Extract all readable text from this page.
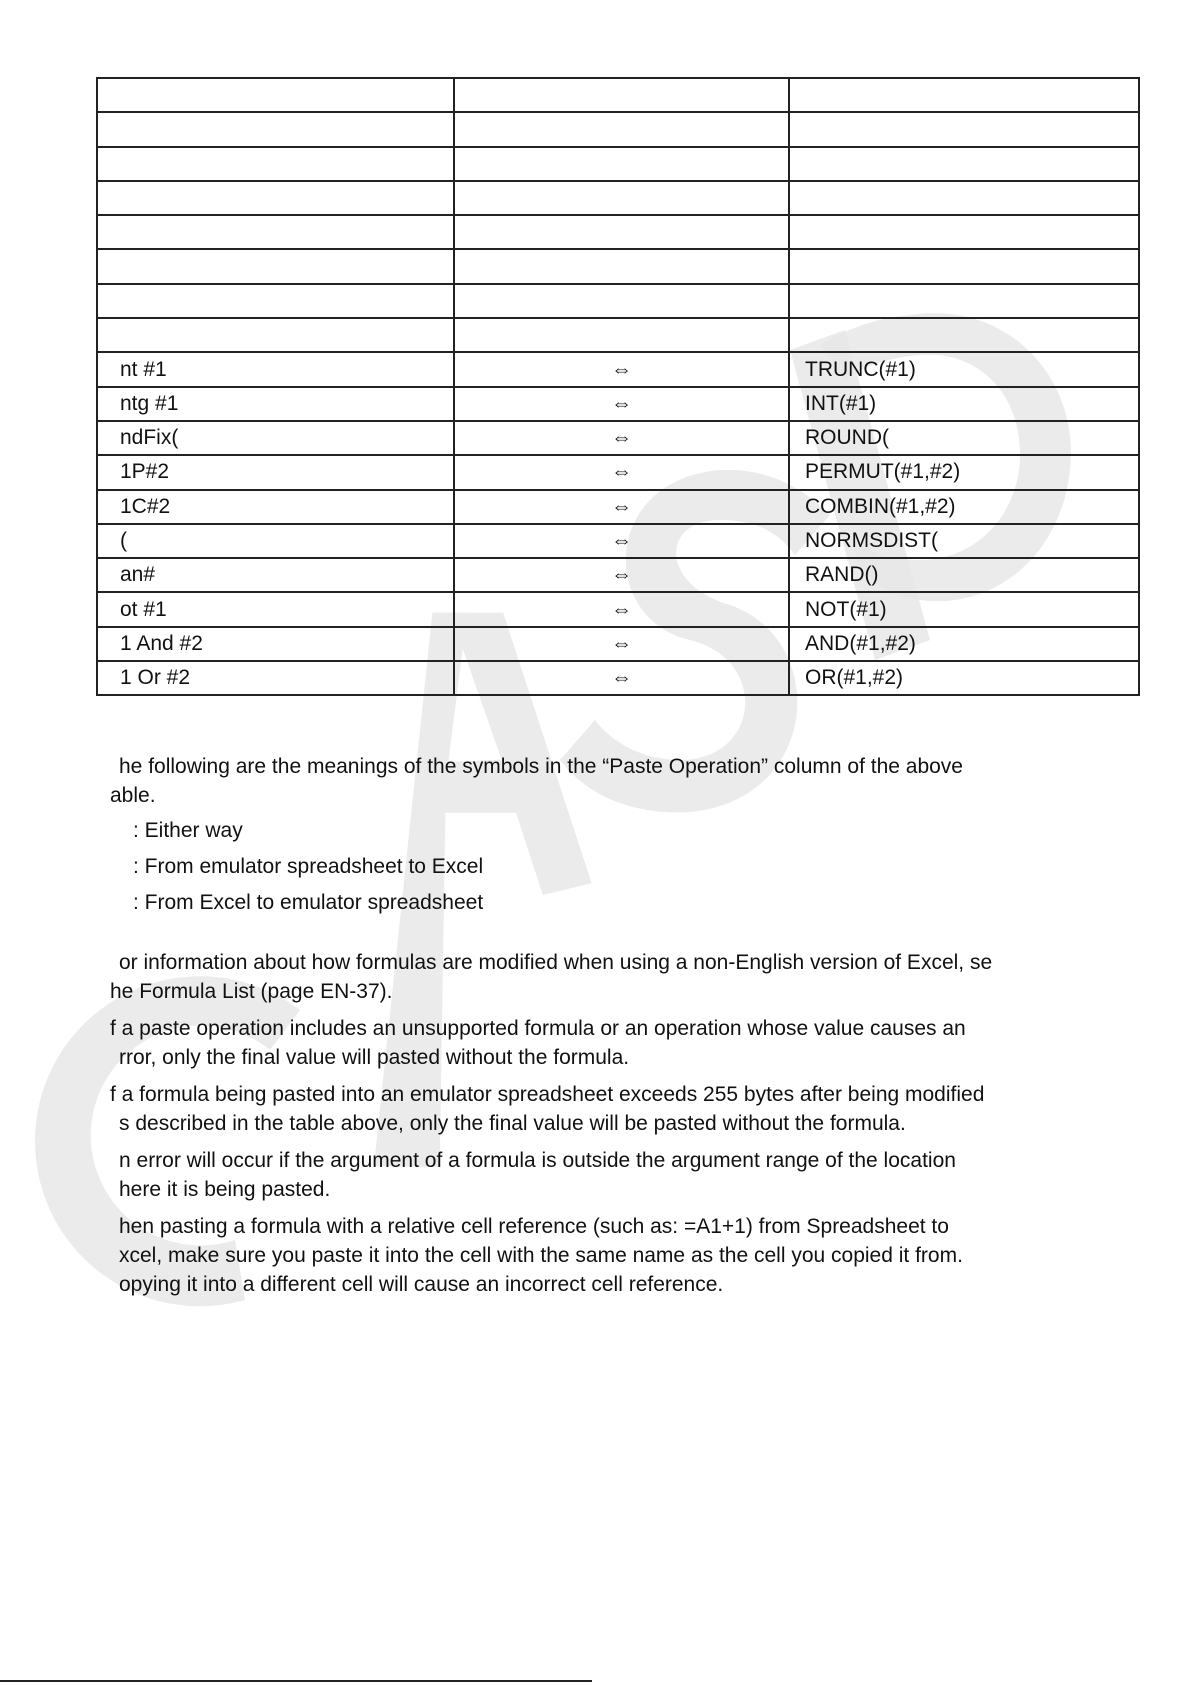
nt #1	⇔	TRUNC(#1)
ntg #1	⇔	INT(#1)
ndFix(	⇔	ROUND(
1P#2	⇔	PERMUT(#1,#2)
1C#2	⇔	COMBIN(#1,#2)
(	⇔	NORMSDIST(
an#	⇔	RAND()
ot #1	⇔	NOT(#1)
1 And #2	⇔	AND(#1,#2)
1 Or #2	⇔	OR(#1,#2)

he following are the meanings of the symbols in the “Paste Operation” column of the above

able.

: Either way

: From emulator spreadsheet to Excel

: From Excel to emulator spreadsheet

or information about how formulas are modified when using a non-English version of Excel, se

he Formula List (page EN-37).

f a paste operation includes an unsupported formula or an operation whose value causes an

rror, only the final value will pasted without the formula.

f a formula being pasted into an emulator spreadsheet exceeds 255 bytes after being modified

s described in the table above, only the final value will be pasted without the formula.

n error will occur if the argument of a formula is outside the argument range of the location

here it is being pasted.

hen pasting a formula with a relative cell reference (such as: =A1+1) from Spreadsheet to

xcel, make sure you paste it into the cell with the same name as the cell you copied it from.

opying it into a different cell will cause an incorrect cell reference.
